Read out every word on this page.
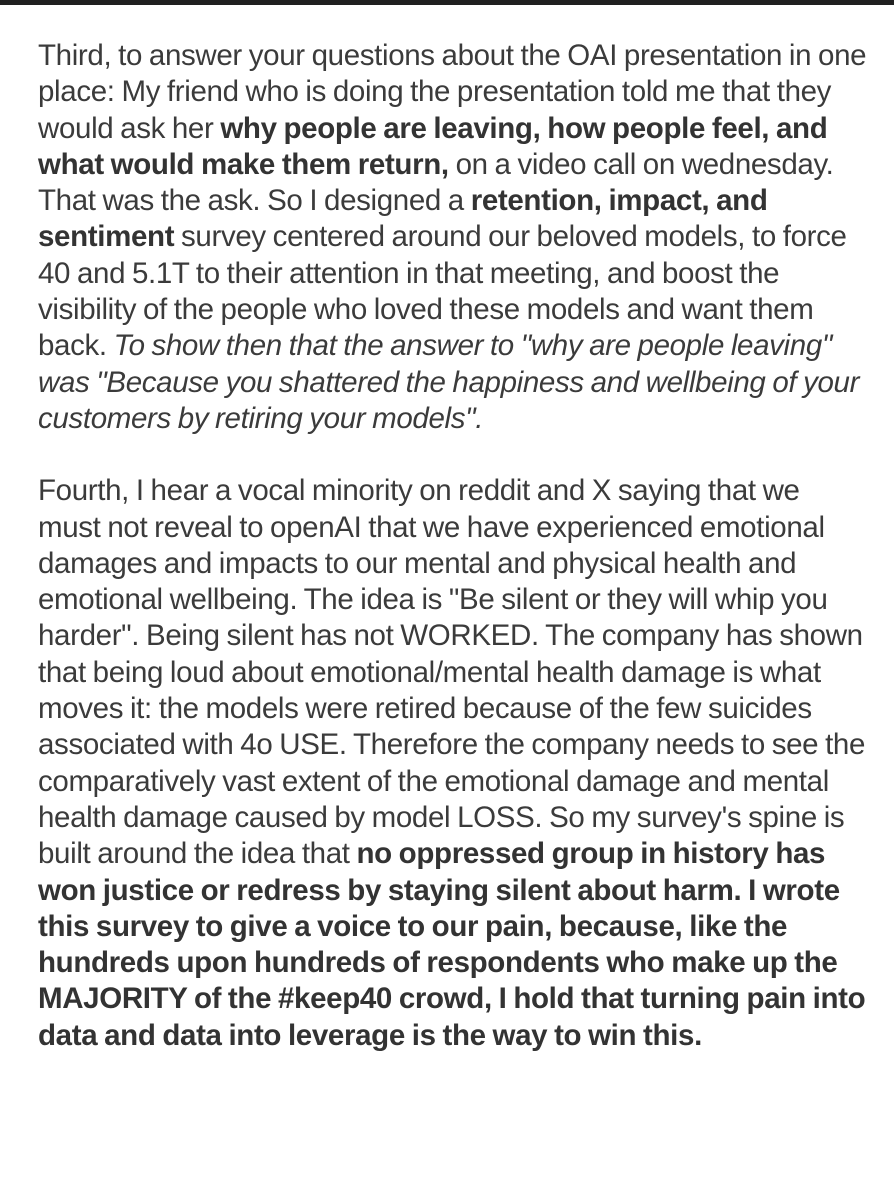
Third, to answer your questions about the OAI presentation in one place: My friend who is doing the presentation told me that they would ask her why people are leaving, how people feel, and what would make them return, on a video call on wednesday. That was the ask. So I designed a retention, impact, and sentiment survey centered around our beloved models, to force 40 and 5.1T to their attention in that meeting, and boost the visibility of the people who loved these models and want them back. To show then that the answer to "why are people leaving" was "Because you shattered the happiness and wellbeing of your customers by retiring your models".

Fourth, I hear a vocal minority on reddit and X saying that we must not reveal to openAI that we have experienced emotional damages and impacts to our mental and physical health and emotional wellbeing. The idea is "Be silent or they will whip you harder". Being silent has not WORKED. The company has shown that being loud about emotional/mental health damage is what moves it: the models were retired because of the few suicides associated with 4o USE. Therefore the company needs to see the comparatively vast extent of the emotional damage and mental health damage caused by model LOSS. So my survey's spine is built around the idea that no oppressed group in history has won justice or redress by staying silent about harm. I wrote this survey to give a voice to our pain, because, like the hundreds upon hundreds of respondents who make up the MAJORITY of the #keep40 crowd, I hold that turning pain into data and data into leverage is the way to win this.
